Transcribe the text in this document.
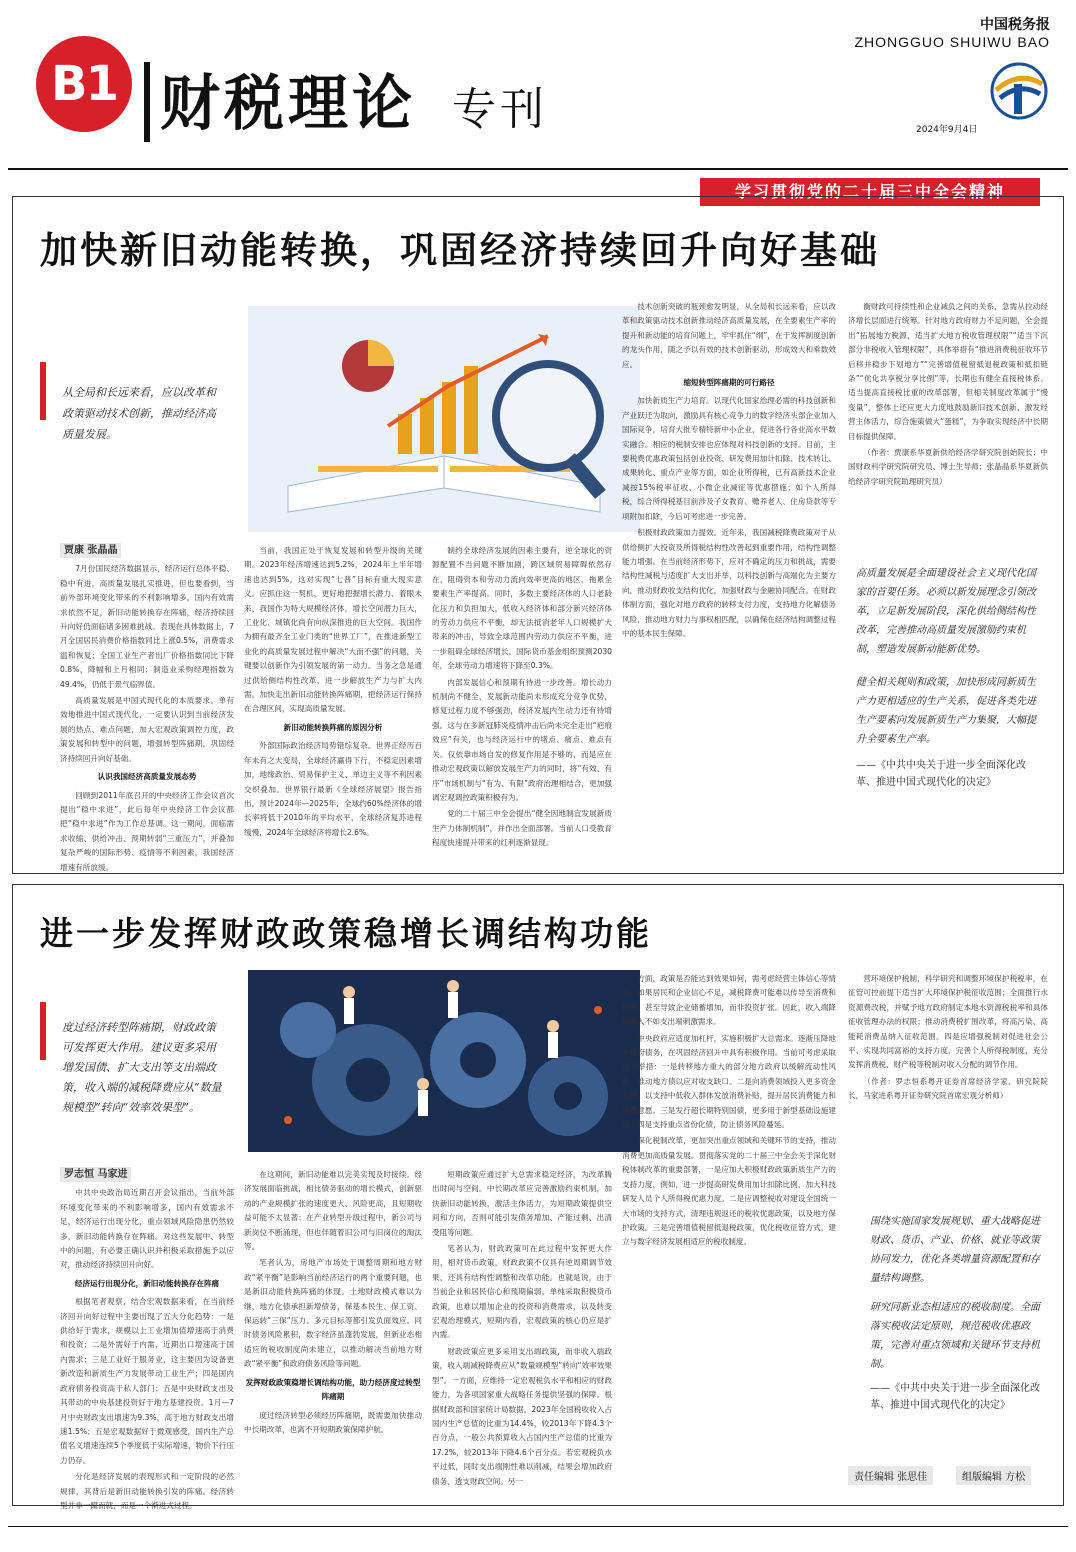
B1 财税理论 专刊
中国税务报
ZHONGGUO SHUIWU BAO
2024年9月4日
学习贯彻党的二十届三中全会精神
加快新旧动能转换，巩固经济持续回升向好基础
从全局和长远来看，应以改革和政策驱动技术创新，推动经济高质量发展。
贾康 张晶晶

7月份国民经济数据显示，经济运行总体平稳、稳中有进，高质量发展扎实推进，但也要看到，当前外部环境变化带来的不利影响增多，国内有效需求依然不足，新旧动能转换存在阵痛，经济持续回升向好仍面临诸多困难挑战。表现在具体数据上，7月全国居民消费价格指数同比上涨0.5%，消费需求温和恢复；全国工业生产者出厂价格指数同比下降0.8%，降幅和上月相同；制造业采购经理指数为49.4%，仍低于景气临界值。

高质量发展是中国式现代化的本质要求。单有效地推进中国式现代化，一定要认识到当前经济发展的热点、难点问题，加大宏观政策调控力度，政策发展和转型中的问题，增强转型阵痛期，巩固经济持续回升向好基础。

认识我国经济高质量发展态势

回顾到2011年底召开的中央经济工作会议首次提出“稳中求进”，此后每年中央经济工作会议都把“稳中求进”作为工作总基调。这一期间，面临需求收缩、供给冲击、预期转弱“三重压力”，并叠加复杂严峻的国际形势、疫情等不利因素，我国经济增速有所放缓。

当前，我国正处于恢复发展和转型升级的关键期。2023年经济增速达到5.2%，2024年上半年增速也达到5%，这对实现“七普”目标有重大现实意义。应抓住这一契机，更好地把握增长潜力、着眼未来，我国作为特大规模经济体，增长空间潜力巨大，工业化、城镇化尚有向纵深推进的巨大空间。我国作为拥有最齐全工业门类的“世界工厂”，在推进新型工业化的高质量发展过程中解决“大而不强”的问题，关键要以创新作为引领发展的第一动力。当务之急是通过供给侧结构性改革，进一步解放生产力与扩大内需，加快走出新旧动能转换阵痛期，把经济运行保持在合理区间，实现高质量发展。

新旧动能转换阵痛的原因分析

外部国际政治经济局势错综复杂。世界正经历百年未有之大变局，全球经济赢得下行，不稳定因素增加，地缘政治、贸易保护主义、单边主义等不利因素交织叠加。世界银行最新《全球经济展望》报告指出，预计2024年—2025年，全球约60%经济体的增长率将低于2010年的平均水平，全球经济复苏进程缓慢，2024年全球经济将增长2.6%。

制约全球经济发展的因素主要有，逆全球化的资源配置不当问题不断加剧，跨区域贸易障碍依然存在，阻碍资本和劳动力流向效率更高的地区，拖累全要素生产率提高。同时，多数主要经济体的人口老龄化压力和负担加大，低收入经济体和部分新兴经济体的劳动力供应不平衡，却无法抵消老年人口规模扩大带来的冲击，导致全球范围内劳动力供应不平衡，进一步阻碍全球经济增长。国际货币基金组织预测2030年，全球劳动力增速将下降至0.3%。

内部发展信心和预期有待进一步改善。增长动力机制尚不健全，发展新动能尚未形成充分竞争优势，修复过程力度不够强劲，经济发展内生动力还有待增强。这与在多新冠肺炎疫情冲击后尚未完全走出“疤痕效应”有关，也与经济运行中的堵点、痛点、难点有关。仅依靠市场自发的修复作用是不够的，而是应在推动宏观政策以解放发展生产力的同时，将“有效、有序”市场机制与“有为、有限”政府治理相结合，更加强调宏观调控政策积极有为。

党的二十届三中全会提出“健全因地制宜发展新质生产力体制机制”，并作出全面部署。当前人口受教育程度快速提升带来的红利逐渐显现。

技术创新突破的瓶颈愈发明显，从全局和长远来看，应以改革和政策驱动技术创新推动经济高质量发展，在全要素生产率的提升和新动能的培育问题上，牢牢抓住“纲”，在于发挥制度创新的龙头作用，随之予以有效的技术创新驱动，形成效大和乘数效应。

缩短转型阵痛期的可行路径

加快新质生产力培育。以现代化国家治理必需的科技创新和产业跃迁为取向，激励具有核心竞争力的数字经济头部企业加入国际竞争，培育大批专精特新中小企业，促进各行各业高水平数实融合。相应的税制安排也应体现对科技创新的支持。目前，主要税费优惠政策包括创业投资、研发费用加计扣除、技术转让、成果转化、重点产业等方面，如企业所得税，已有高新技术企业减按15%税率征收、小微企业减征等优惠措施；如个人所得税，综合所得税基目前涉及子女教育、赡养老人、住房贷款等专项附加扣除，今后可考虑进一步完善。

积极财政政策加力提效。近年来，我国减税降费政策对于从供给侧扩大投资及所得税结构性改善起到重要作用，结构性调整能力增强。在当前经济形势下，应对不确定的压力和挑战，需要结构性减税与适度扩大支出并举，以科技创新与高端化为主要方向，推动财政收支结构优化，加强财政与金融协同配合。在财政体制方面，强化对地方政府的转移支付力度，支持地方化解债务风险，推动地方财力与事权相匹配，以确保在经济结构调整过程中的基本民生保障。

衡财政可持续性和企业减负之间的关系，急需从拉动经济增长层面进行统筹。针对地方政府财力不足问题，全会提出“拓展地方税源，适当扩大地方税收管理权限”“适当下沉部分非税收入管理权限”，具体举措有“推进消费税征收环节后移并稳步下划地方”“完善增值税留抵退税政策和抵扣链条”“优化共享税分享比例”等，长期也有健全直接税体系、适当提高直接税比重的改革部署，但相关制度改革属于“慢变量”，整体上还应更大力度地鼓励新旧技术创新、激发经营主体活力，综合施策做大“蛋糕”，为争取实现经济中长期目标提供保障。

（作者：贾康系华夏新供给经济学研究院创始院长；中国财政科学研究院研究员、博士生导师；张晶晶系华夏新供给经济学研究院助理研究员）

高质量发展是全面建设社会主义现代化国家的首要任务。必须以新发展理念引领改革，立足新发展阶段，深化供给侧结构性改革，完善推动高质量发展激励约束机制，塑造发展新动能新优势。
健全相关规则和政策，加快形成同新质生产力更相适应的生产关系，促进各类先进生产要素向发展新质生产力集聚，大幅提升全要素生产率。
——《中共中央关于进一步全面深化改革、推进中国式现代化的决定》
进一步发挥财政政策稳增长调结构功能
度过经济转型阵痛期，财政政策可发挥更大作用。建议更多采用增发国债、扩大支出等支出端政策，收入端的减税降费应从“数量规模型”转向“效率效果型”。
罗志恒 马家进

中共中央政治局近期召开会议指出，当前外部环境变化带来的不利影响增多，国内有效需求不足，经济运行出现分化，重点领域风险隐患仍然较多，新旧动能转换存在阵痛。对这些发展中、转型中的问题，有必要正确认识并积极采取措施予以应对，推动经济持续回升向好。

经济运行出现分化，新旧动能转换存在阵痛

根据笔者观察，结合宏观数据来看，在当前经济回升向好过程中主要出现了五大分化趋势：一是供给好于需求，规模以上工业增加值增速高于消费和投资；二是外需好于内需，近期出口增速高于国内需求；三是工业好于服务业，这主要因为设备更新改造和新质生产力发展带动工业生产；四是国内政府债务投资高于私人部门；五是中央财政支出及其带动的中央基建投资好于地方基建投资。1月—7月中央财政支出增速为9.3%，高于地方财政支出增速1.5%；五是宏观数据好于微观感受，国内生产总值名义增速连续5个季度低于实际增速，物价下行压力仍存。

分化是经济发展的表现形式和一定阶段的必然规律，其背后是新旧动能转换引发的阵痛。经济转型并非一蹴而就，而是一个渐进式过程。

在这期间，新旧动能难以完美实现及时接续。经济发展面临挑战，相比债务驱动的增长模式，创新驱动的产业规模扩张的速度更大、风险更高，且短期收益可能不太显著；在产业转型升级过程中，新公司与新岗位不断涌现，但也伴随着旧公司与旧岗位的淘汰等。

笔者认为，房地产市场处于调整周期和地方财政“紧平衡”是影响当前经济运行的两个重要问题，也是新旧动能转换阵痛的体现。土地财政模式难以为继，地方化债承担新增债务，保基本民生、保工资、保运转“三保”压力、多元目标等都引发负面效应。同时债务风险累积，数字经济虽蓬勃发展，但新业态相适应的税收制度尚未建立，以推动解决当前地方财政“紧平衡”和政府债务风险等问题。

发挥财政政策稳增长调结构功能，助力经济度过转型阵痛期

度过经济转型必须经历阵痛期，既需要加快推动中长期改革，也离不开短期政策保障护航。

短期政策应通过扩大总需求稳定经济，为改革腾出时间与空间。中长期改革应完善激励约束机制，加快新旧动能转换，激活主体活力，为短期政策提供空间和方向，否则可能引发债务增加、产能过剩、出清受阻等问题。

笔者认为，财政政策可在此过程中发挥更大作用，相对货币政策，财政政策不仅具有逆周期调节效果，还具有结构性调整和改革功能。也就是说，由于当前企业和居民信心和预期偏弱，单纯采取积极货币政策，也难以增加企业的投资和消费需求，以及转变宏观治理模式，短期内看，宏观政策的核心仍应是扩内需。

财政政策应更多采用支出端政策，而非收入端政策，收入端减税降费应从“数量规模型”转向“效率效果型”。一方面，应维持一定宏观税负水平和相应的财政能力，为各项国家重大战略任务提供坚强的保障。根据财政部和国家统计局数据，2023年全国税收收入占国内生产总值的比重为14.4%，较2013年下降4.3个百分点，一般公共预算收入占国内生产总值的比重为17.2%，较2013年下降4.6个百分点。若宏观税负水平过低，同时支出端刚性难以削减，结果会增加政府债务、透支财政空间。另一

方面，政策是否能达到效果如何，需考虑经营主体信心等情况。如果居民和企业信心不足，减税降费可能难以传导至消费和投资，甚至导致企业储蓄增加，而非投资扩张。因此，收入端降低收入不如支出端刺激需求。

中央政府应适度加杠杆，实施积极扩大总需求。逐渐压降地方政府债务，在巩固经济回升中具有积极作用。当前可考虑采取以下举措：一是转移地方重大的部分地方政府以缓解流动性风险，推动地方债以应对收支缺口。二是向消费领域投入更多资金支持，以支持中低收入群体发放消费补贴，提升居民消费能力和消费意愿。三是发行超长期特别国债，更多用于新型基础设施建设。四是支持重点省份化债，防止债务风险蔓延。

深化税制改革，更加突出重点领域和关键环节的支持，推动消费更加高质量发展。贯彻落实党的二十届三中全会关于深化财税体制改革的重要部署，一是应加大积极财政政策新质生产力的支持力度，例如，进一步提高研发费用加计扣除比例，加大科技研发人员个人所得税优惠力度。二是应调整税收对建设全国统一大市场的支持方式，清理违规返还的税收优惠政策，以及地方保护政策。三是完善增值税留抵退税政策，优化税收征管方式，建立与数字经济发展相适应的税收制度。

营环境保护税制，科学研究和调整环境保护税税率，在征管可控前提下适当扩大环境保护税征收范围；全面推行水资源费改税，并赋予地方政府制定本地水资源税税率和具体征收管理办法的权限；推动消费税扩围改革，将高污染、高能耗消费品纳入征收范围。四是应增强税制对促进社会公平、实现共同富裕的支持力度，完善个人所得税制度，充分发挥消费税、财产税等税制对收入分配的调节作用。

（作者：罗志恒系粤开证券首席经济学家、研究院院长，马家进系粤开证券研究院首席宏观分析师）

围绕实施国家发展规划、重大战略促进财政、货币、产业、价格、就业等政策协同发力，优化各类增量资源配置和存量结构调整。
研究同新业态相适应的税收制度。全面落实税收法定原则，规范税收优惠政策，完善对重点领域和关键环节支持机制。
——《中共中央关于进一步全面深化改革、推进中国式现代化的决定》
责任编辑 张思佳	组版编辑 方松
